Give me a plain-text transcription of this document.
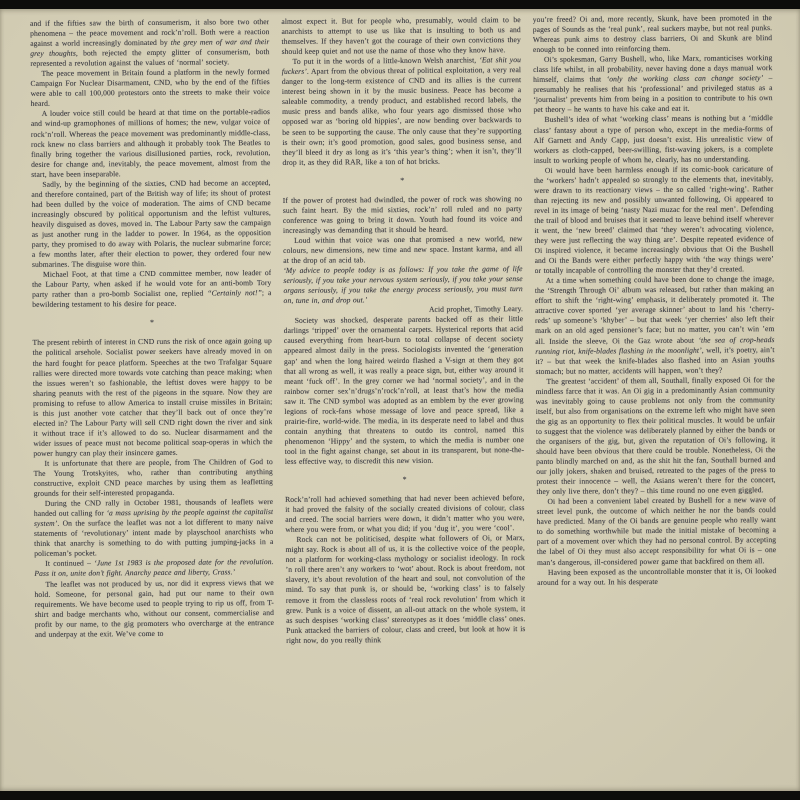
and if the fifties saw the birth of consumerism, it also bore two other phenomena – the peace movement and rock’n’roll. Both were a reaction against a world increasingly dominated by the grey men of war and their grey thoughts, both rejected the empty glitter of consumerism, both represented a revolution against the values of ‘normal’ society.

The peace movement in Britain found a platform in the newly formed Campaign For Nuclear Disarmament, CND, who by the end of the fifties were able to call 100,000 protestors onto the streets to make their voice heard.

A louder voice still could be heard at that time on the portable-radios and wind-up gramophones of millions of homes; the new, vulgar voice of rock’n’roll. Whereas the peace movement was predominantly middle-class, rock knew no class barriers and although it probably took The Beatles to finally bring together the various disillusioned parties, rock, revolution, desire for change and, inevitably, the peace movement, almost from the start, have been inseparable.

Sadly, by the beginning of the sixties, CND had become an accepted, and therefore contained, part of the British way of life; its shout of protest had been dulled by the voice of moderation. The aims of CND became increasingly obscured by political opportunism and the leftist vultures, heavily disguised as doves, moved in. The Labour Party saw the campaign as just another rung in the ladder to power. In 1964, as the opposition party, they promised to do away with Polaris, the nuclear submarine force; a few months later, after their election to power, they ordered four new submarines. The disguise wore thin.

Michael Foot, at that time a CND committee member, now leader of the Labour Party, when asked if he would vote for an anti-bomb Tory party rather than a pro-bomb Socialist one, replied “Certainly not!”; a bewildering testament to his desire for peace.

*

The present rebirth of interest in CND runs the risk of once again going up the political arsehole. Socialist power seekers have already moved in on the hard fought for peace platform. Speeches at the two Trafalgar Square rallies were directed more towards vote catching than peace making; when the issues weren’t so fashionable, the leftist doves were happy to be sharing peanuts with the rest of the pigeons in the square. Now they are promising to refuse to allow America to install cruise missiles in Britain; is this just another vote catcher that they’ll back out of once they’re elected in? The Labour Party will sell CND right down the river and sink it without trace if it’s allowed to do so. Nuclear disarmament and the wider issues of peace must not become political soap-operas in which the power hungry can play their insincere games.

It is unfortunate that there are people, from The Children of God to The Young Trotskyites, who, rather than contributing anything constructive, exploit CND peace marches by using them as leafletting grounds for their self-interested propaganda.

During the CND rally in October 1981, thousands of leaflets were handed out calling for ‘a mass uprising by the people against the capitalist system’. On the surface the leaflet was not a lot different to many naive statements of ‘revolutionary’ intent made by playschool anarchists who think that anarchy is something to do with putting jumping-jacks in a policeman’s pocket.

It continued – ‘June 1st 1983 is the proposed date for the revolution. Pass it on, unite don’t fight. Anarchy peace and liberty, Crass.’

The leaflet was not produced by us, nor did it express views that we hold. Someone, for personal gain, had put our name to their own requirements. We have become used to people trying to rip us off, from T-shirt and badge merchants who, without our consent, commercialise and profit by our name, to the gig promoters who overcharge at the entrance and underpay at the exit. We’ve come to

almost expect it. But for people who, presumably, would claim to be anarchists to attempt to use us like that is insulting to both us and themselves. If they haven’t got the courage of their own convictions they should keep quiet and not use the name of those who they know have.

To put it in the words of a little-known Welsh anarchist, ‘Eat shit you fuckers’. Apart from the obvious threat of political exploitation, a very real danger to the long-term existence of CND and its allies is the current interest being shown in it by the music business. Peace has become a saleable commodity, a trendy product, and established record labels, the music press and bands alike, who four years ago dismissed those who opposed war as ‘boring old hippies’, are now bending over backwards to be seen to be supporting the cause. The only cause that they’re supporting is their own; it’s good promotion, good sales, good business sense, and they’ll bleed it dry as long as it’s ‘this year’s thing’; when it isn’t, they’ll drop it, as they did RAR, like a ton of hot bricks.

*

If the power of protest had dwindled, the power of rock was showing no such faint heart. By the mid sixties, rock’n’ roll ruled and no party conference was going to bring it down. Youth had found its voice and increasingly was demanding that it should be heard.

Loud within that voice was one that promised a new world, new colours, new dimensions, new time and new space. Instant karma, and all at the drop of an acid tab.

‘My advice to people today is as follows: If you take the game of life seriously, if you take your nervous system seriously, if you take your sense organs seriously, if you take the energy process seriously, you must turn on, tune in, and drop out.’

Acid prophet, Timothy Leary.

Society was shocked, desperate parents backed off as their little darlings ‘tripped’ over the ornamental carpets. Hysterical reports that acid caused everything from heart-burn to total collapse of decent society appeared almost daily in the press. Sociologists invented the ‘generation gap’ and when the long haired weirdo flashed a V-sign at them they got that all wrong as well, it was really a peace sign, but, either way around it meant ‘fuck off’. In the grey corner we had ‘normal society’, and in the rainbow corner sex’n’drugs’n’rock’n’roll, at least that’s how the media saw it. The CND symbol was adopted as an emblem by the ever growing legions of rock-fans whose message of love and peace spread, like a prairie-fire, world-wide. The media, in its desperate need to label and thus contain anything that threatens to outdo its control, named this phenomenon ‘Hippy’ and the system, to which the media is number one tool in the fight against change, set about in its transparent, but none-the-less effective way, to discredit this new vision.

*

Rock’n’roll had achieved something that had never been achieved before, it had proved the falsity of the socially created divisions of colour, class and creed. The social barriers were down, it didn’t matter who you were, where you were from, or what you did; if you ‘dug it’, you were ‘cool’.

Rock can not be politicised, despite what followers of Oi, or Marx, might say. Rock is about all of us, it is the collective voice of the people, not a platform for working-class mythology or socialist ideology. In rock ’n roll there aren’t any workers to ‘wot’ about. Rock is about freedom, not slavery, it’s about revolution of the heart and soul, not convolution of the mind. To say that punk is, or should be, ‘working class’ is to falsely remove it from the classless roots of ‘real rock revolution’ from which it grew. Punk is a voice of dissent, an all-out attack on the whole system, it as such despises ‘working class’ stereotypes as it does ‘middle class’ ones. Punk attacked the barriers of colour, class and creed, but look at how it is right now, do you really think

you’re freed? Oi and, more recently, Skunk, have been promoted in the pages of Sounds as the ‘real punk’, real suckers maybe, but not real punks. Whereas punk aims to destroy class barriers, Oi and Skunk are blind enough to be conned into reinforcing them.

Oi’s spokesman, Garry Bushell, who, like Marx, romanticises working class life whilst, in all probability, never having done a days manual work himself, claims that ‘only the working class can change society’ – presumably he realises that his ‘professional’ and privileged status as a ‘journalist’ prevents him from being in a position to contribute to his own pet theory – he wants to have his cake and eat it.

Bushell’s idea of what ‘working class’ means is nothing but a ‘middle class’ fantasy about a type of person who, except in the media-forms of Alf Garnett and Andy Capp, just doesn’t exist. His unrealistic view of workers as cloth-capped, beer-swilling, fist-waving jokers, is a complete insult to working people of whom he, clearly, has no understanding.

Oi would have been harmless enough if its comic-book caricature of the ‘workers’ hadn’t appealed so strongly to the elements that, inevitably, were drawn to its reactionary views – the so called ‘right-wing’. Rather than rejecting its new and possibly unwanted following, Oi appeared to revel in its image of being ‘nasty Nazi muzac for the real men’. Defending the trail of blood and bruises that it seemed to leave behind itself wherever it went, the ‘new breed’ claimed that ‘they weren’t advocating violence, they were just reflecting the way thing are’. Despite repeated evidence of Oi inspired violence, it became increasingly obvious that Oi the Bushell and Oi the Bands were either perfectly happy with ‘the way things were’ or totally incapable of controlling the monster that they’d created.

At a time when something could have been done to change the image, the ‘Strength Through Oi’ album was released, but rather than making an effort to shift the ‘right-wing’ emphasis, it deliberately promoted it. The attractive cover sported ‘yer average skinner’ about to land his ‘cherry-reds’ up someone’s ‘khyber’ – but that week ‘yer cherries’ also left their mark on an old aged pensioner’s face; but no matter, you can’t win ’em all. Inside the sleeve, Oi the Gaz wrote about ‘the sea of crop-heads running riot, knife-blades flashing in the moonlight’, well, it’s poetry, ain’t it? – but that week the knife-blades also flashed into an Asian youths stomach; but no matter, accidents will happen, won’t they?

The greatest ‘accident’ of them all, Southall, finally exposed Oi for the mindless farce that it was. An Oi gig in a predominantly Asian community was inevitably going to cause problems not only from the community itself, but also from organisations on the extreme left who might have seen the gig as an opportunity to flex their political muscles. It would be unfair to suggest that the violence was deliberately planned by either the bands or the organisers of the gig, but, given the reputation of Oi’s following, it should have been obvious that there could be trouble. Nonetheless, Oi the panto blindly marched on and, as the shit hit the fan, Southall burned and our jolly jokers, shaken and bruised, retreated to the pages of the press to protest their innocence – well, the Asians weren’t there for the concert, they only live there, don’t they? – this time round no one even giggled.

Oi had been a convenient label created by Bushell for a new wave of street level punk, the outcome of which neither he nor the bands could have predicted. Many of the Oi bands are genuine people who really want to do something worthwhile but made the initial mistake of becoming a part of a movement over which they had no personal control. By accepting the label of Oi they must also accept responsibility for what Oi is – one man’s dangerous, ill-considered power game that backfired on them all.

Having been exposed as the uncontrollable monster that it is, Oi looked around for a way out. In his desperate
